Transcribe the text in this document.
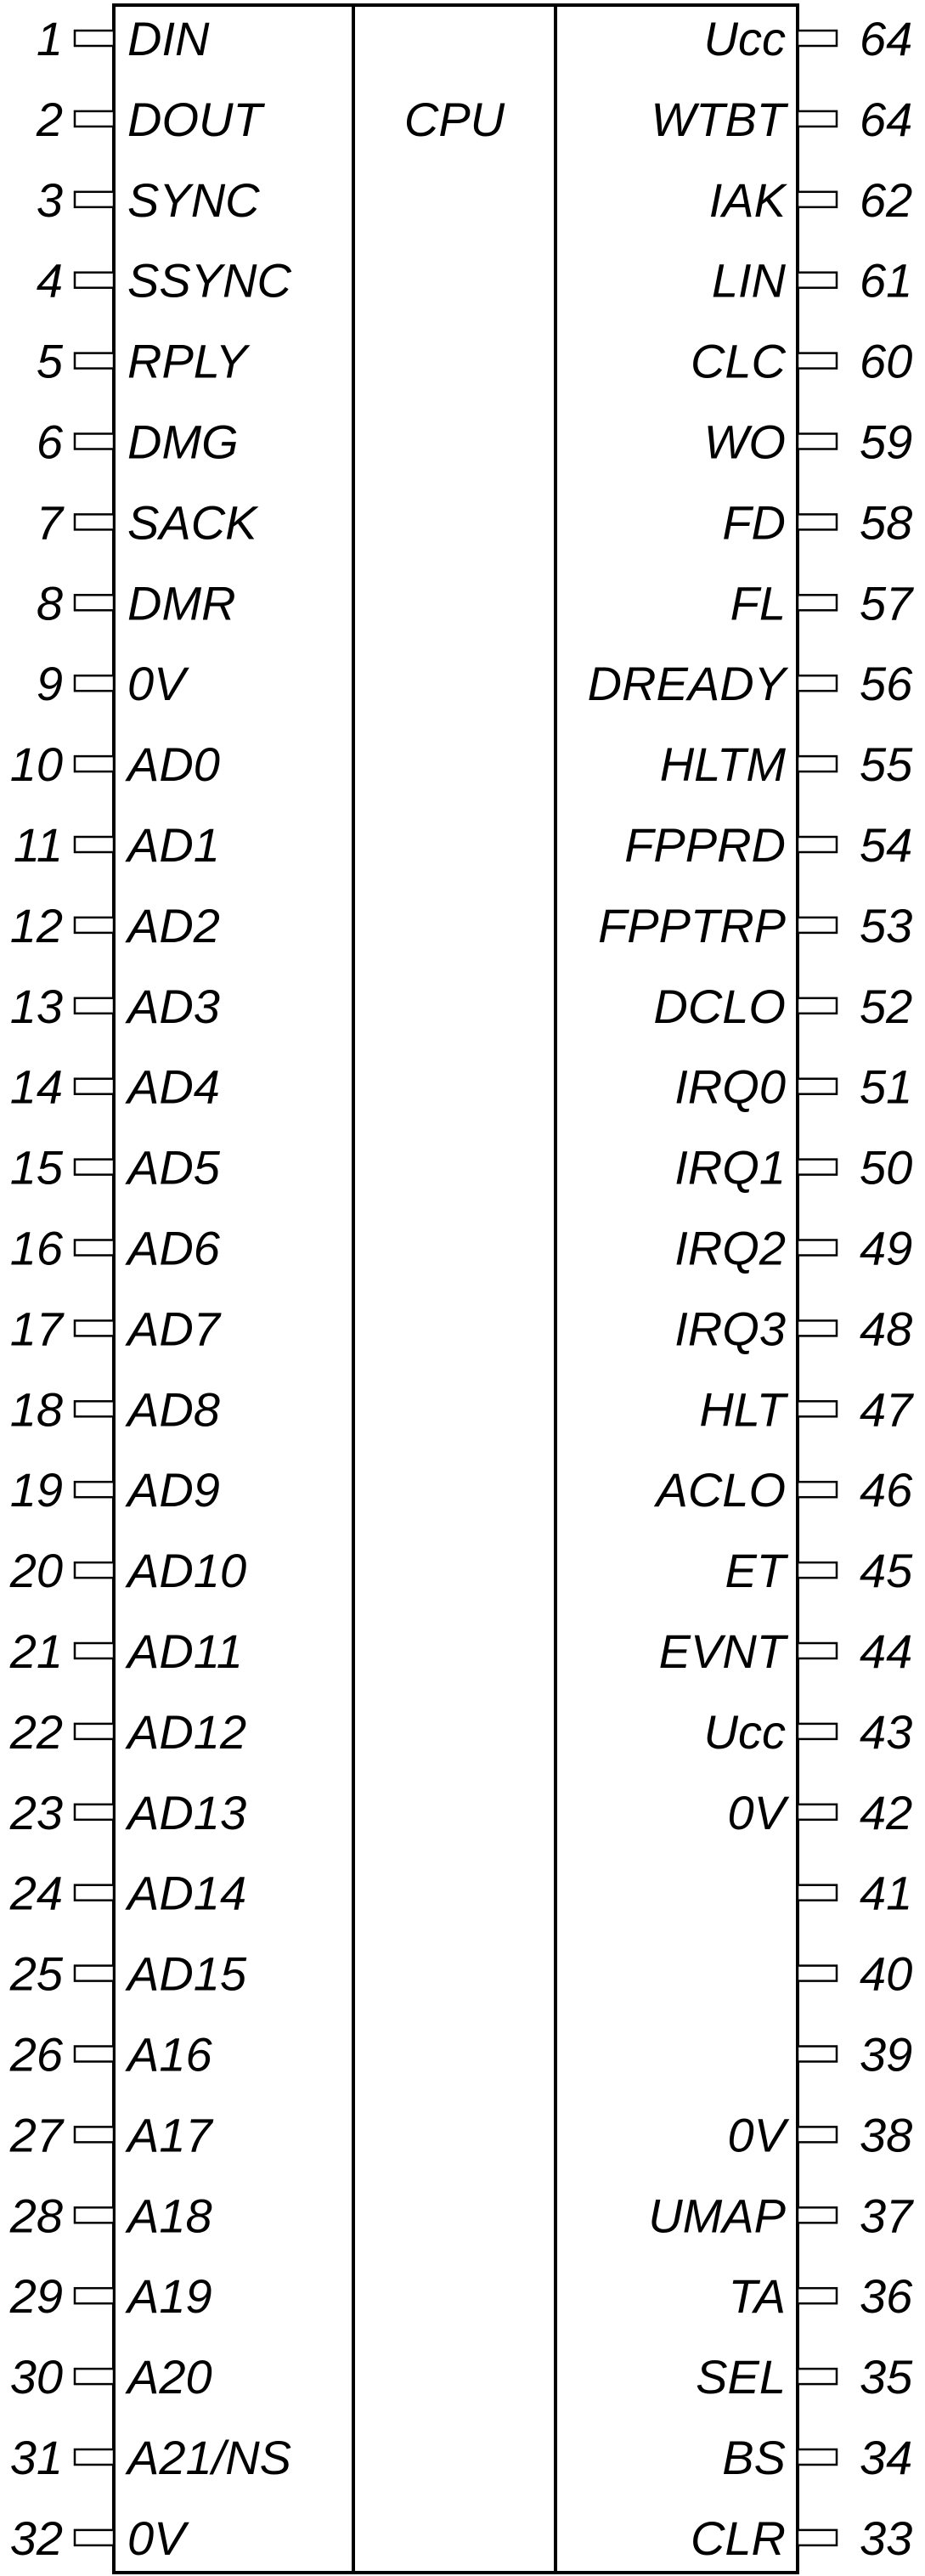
CPU
1 DIN
2 DOUT
3 SYNC
4 SSYNC
5 RPLY
6 DMG
7 SACK
8 DMR
9 0V
10 AD0
11 AD1
12 AD2
13 AD3
14 AD4
15 AD5
16 AD6
17 AD7
18 AD8
19 AD9
20 AD10
21 AD11
22 AD12
23 AD13
24 AD14
25 AD15
26 A16
27 A17
28 A18
29 A19
30 A20
31 A21/NS
32 0V
Ucc 64
WTBT 64
IAK 62
LIN 61
CLC 60
WO 59
FD 58
FL 57
DREADY 56
HLTM 55
FPPRD 54
FPPTRP 53
DCLO 52
IRQ0 51
IRQ1 50
IRQ2 49
IRQ3 48
HLT 47
ACLO 46
ET 45
EVNT 44
Ucc 43
0V 42
41
40
39
0V 38
UMAP 37
TA 36
SEL 35
BS 34
CLR 33
